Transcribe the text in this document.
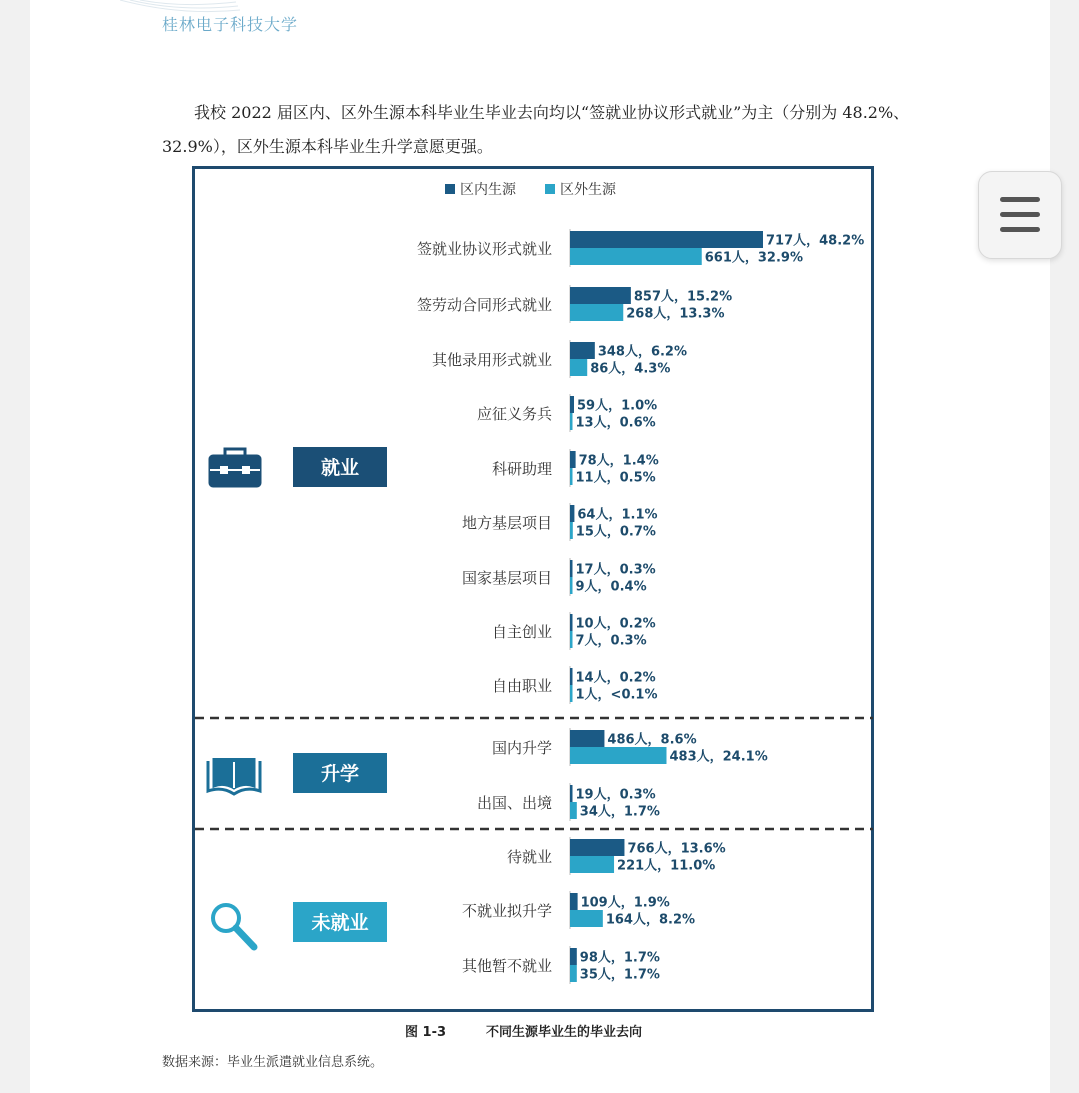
桂林电子科技大学
我校 2022 届区内、区外生源本科毕业生毕业去向均以“签就业协议形式就业”为主（分别为 48.2%、32.9%），区外生源本科毕业生升学意愿更强。
区内生源	区外生源
就业
升学
未就业
签就业协议形式就业	717人，48.2%
661人，32.9%
签劳动合同形式就业	857人，15.2%
268人，13.3%
其他录用形式就业	348人，6.2%
86人，4.3%
应征义务兵 59人，1.0%
13人，0.6%
科研助理 78人，1.4%
11人，0.5%
地方基层项目 64人，1.1%
15人，0.7%
国家基层项目 17人，0.3%
9人，0.4%
自主创业 10人，0.2%
7人，0.3%
自由职业 14人，0.2%
1人，<0.1%
国内升学	486人，8.6%
483人，24.1%
出国、出境 19人，0.3%
34人，1.7%
待就业	766人，13.6%
221人，11.0%
不就业拟升学 109人，1.9%
164人，8.2%
其他暂不就业 98人，1.7%
35人，1.7%
图 1-3	不同生源毕业生的毕业去向
数据来源：毕业生派遣就业信息系统。
